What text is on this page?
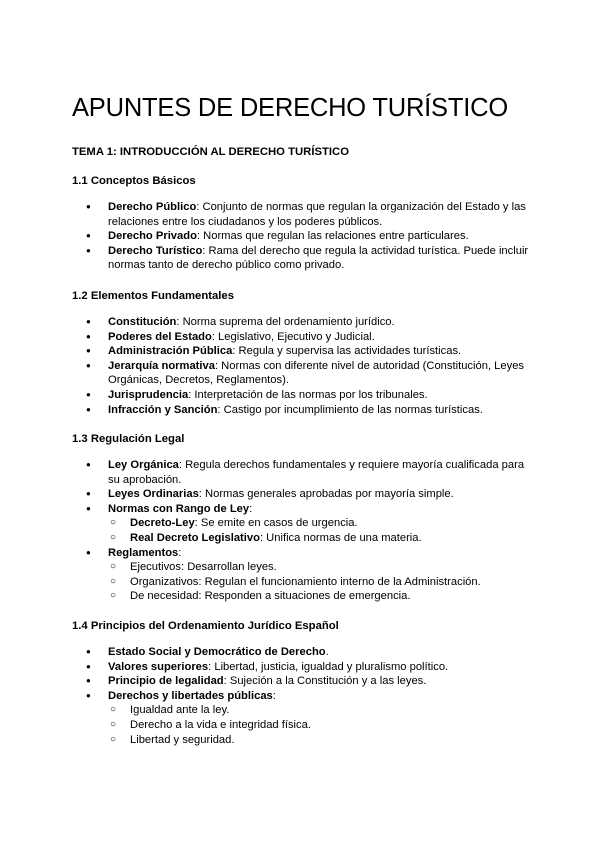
APUNTES DE DERECHO TURÍSTICO
TEMA 1: INTRODUCCIÓN AL DERECHO TURÍSTICO
1.1 Conceptos Básicos
● Derecho Público: Conjunto de normas que regulan la organización del Estado y las relaciones entre los ciudadanos y los poderes públicos.
● Derecho Privado: Normas que regulan las relaciones entre particulares.
● Derecho Turístico: Rama del derecho que regula la actividad turística. Puede incluir normas tanto de derecho público como privado.
1.2 Elementos Fundamentales
● Constitución: Norma suprema del ordenamiento jurídico.
● Poderes del Estado: Legislativo, Ejecutivo y Judicial.
● Administración Pública: Regula y supervisa las actividades turísticas.
● Jerarquía normativa: Normas con diferente nivel de autoridad (Constitución, Leyes Orgánicas, Decretos, Reglamentos).
● Jurisprudencia: Interpretación de las normas por los tribunales.
● Infracción y Sanción: Castigo por incumplimiento de las normas turísticas.
1.3 Regulación Legal
● Ley Orgánica: Regula derechos fundamentales y requiere mayoría cualificada para su aprobación.
● Leyes Ordinarias: Normas generales aprobadas por mayoría simple.
● Normas con Rango de Ley:
○ Decreto-Ley: Se emite en casos de urgencia.
○ Real Decreto Legislativo: Unifica normas de una materia.
● Reglamentos:
○ Ejecutivos: Desarrollan leyes.
○ Organizativos: Regulan el funcionamiento interno de la Administración.
○ De necesidad: Responden a situaciones de emergencia.
1.4 Principios del Ordenamiento Jurídico Español
● Estado Social y Democrático de Derecho.
● Valores superiores: Libertad, justicia, igualdad y pluralismo político.
● Principio de legalidad: Sujeción a la Constitución y a las leyes.
● Derechos y libertades públicas:
○ Igualdad ante la ley.
○ Derecho a la vida e integridad física.
○ Libertad y seguridad.
